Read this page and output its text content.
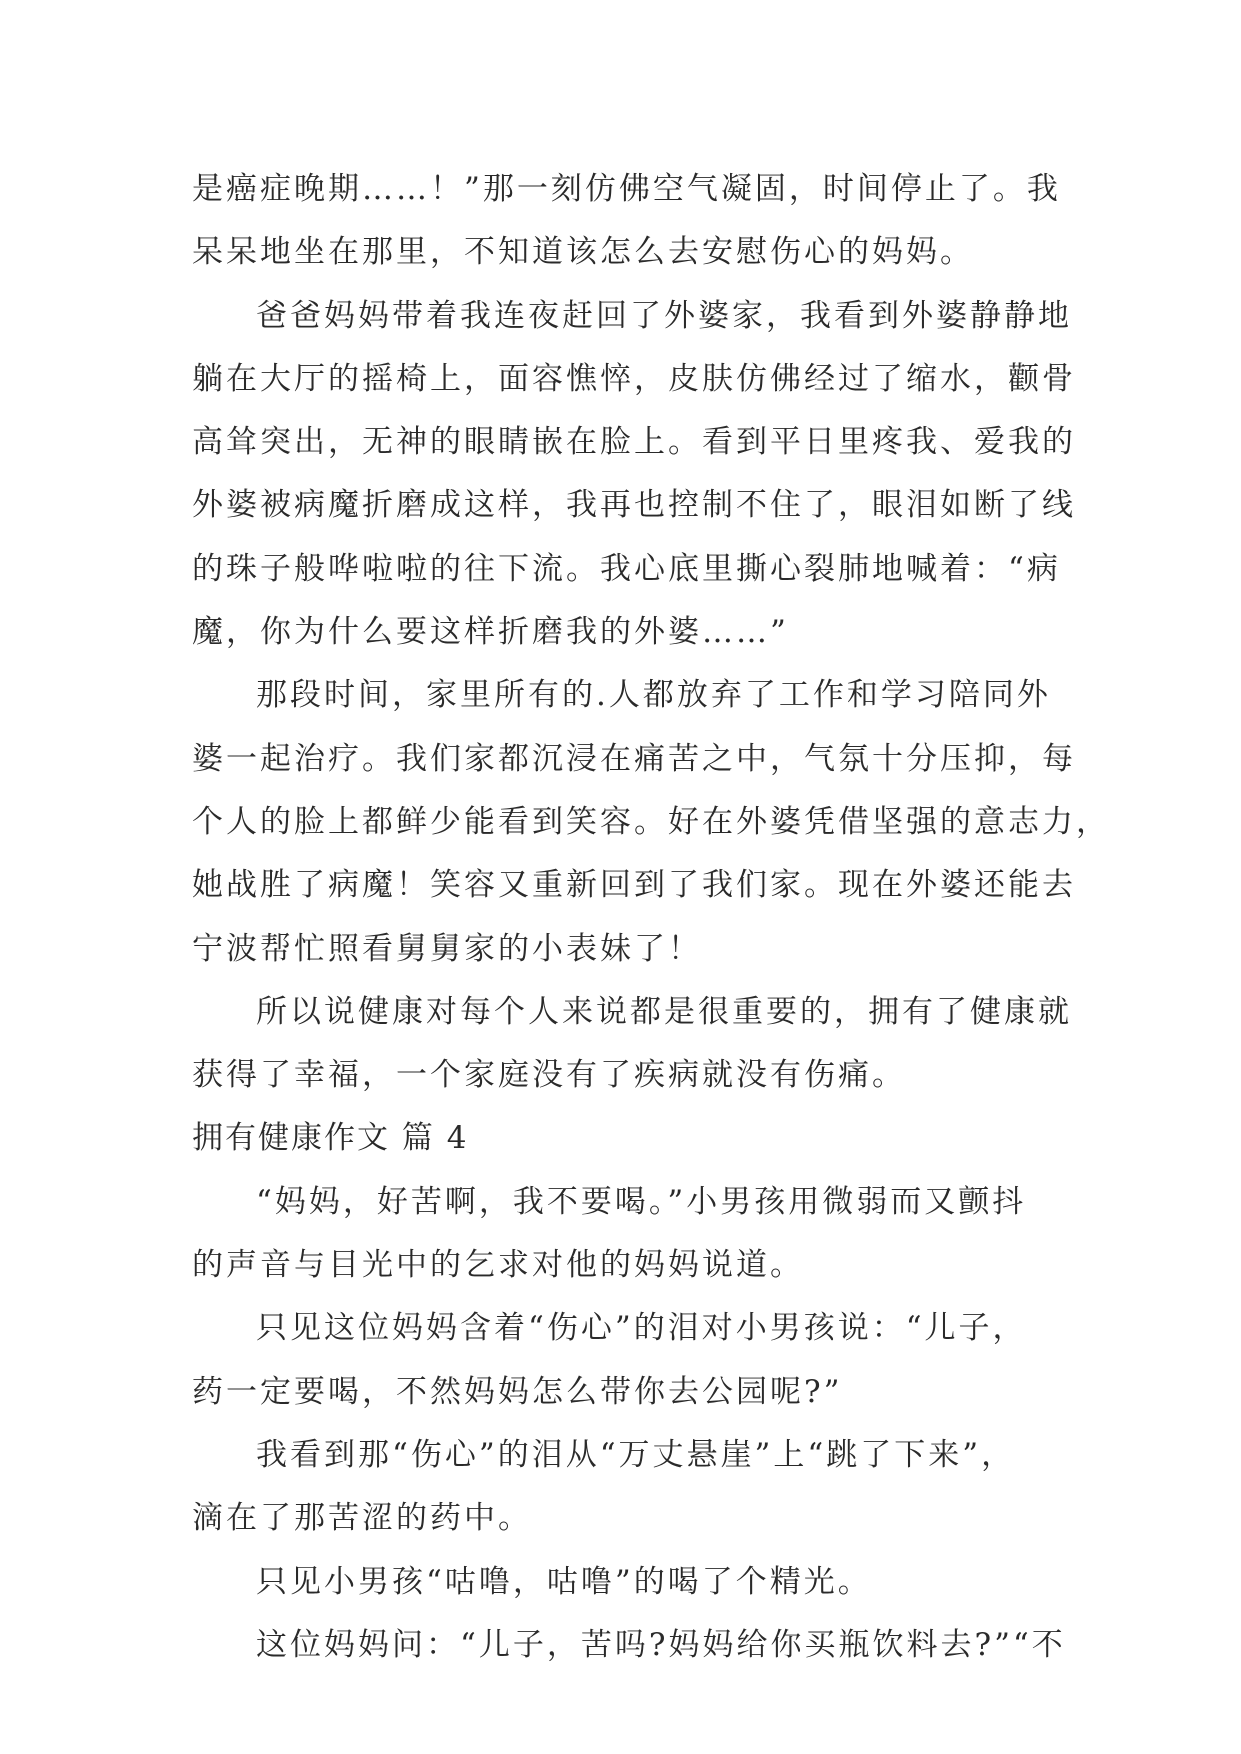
是癌症晚期……！”那一刻仿佛空气凝固，时间停止了。我
呆呆地坐在那里，不知道该怎么去安慰伤心的妈妈。
爸爸妈妈带着我连夜赶回了外婆家，我看到外婆静静地
躺在大厅的摇椅上，面容憔悴，皮肤仿佛经过了缩水，颧骨
高耸突出，无神的眼睛嵌在脸上。看到平日里疼我、爱我的
外婆被病魔折磨成这样，我再也控制不住了，眼泪如断了线
的珠子般哗啦啦的往下流。我心底里撕心裂肺地喊着：“病
魔，你为什么要这样折磨我的外婆……”
那段时间，家里所有的.人都放弃了工作和学习陪同外
婆一起治疗。我们家都沉浸在痛苦之中，气氛十分压抑，每
个人的脸上都鲜少能看到笑容。好在外婆凭借坚强的意志力，
她战胜了病魔！笑容又重新回到了我们家。现在外婆还能去
宁波帮忙照看舅舅家的小表妹了！
所以说健康对每个人来说都是很重要的，拥有了健康就
获得了幸福，一个家庭没有了疾病就没有伤痛。
拥有健康作文 篇 4
“妈妈，好苦啊，我不要喝。”小男孩用微弱而又颤抖
的声音与目光中的乞求对他的妈妈说道。
只见这位妈妈含着“伤心”的泪对小男孩说：“儿子，
药一定要喝，不然妈妈怎么带你去公园呢?”
我看到那“伤心”的泪从“万丈悬崖”上“跳了下来”，
滴在了那苦涩的药中。
只见小男孩“咕噜，咕噜”的喝了个精光。
这位妈妈问：“儿子，苦吗?妈妈给你买瓶饮料去?”“不
